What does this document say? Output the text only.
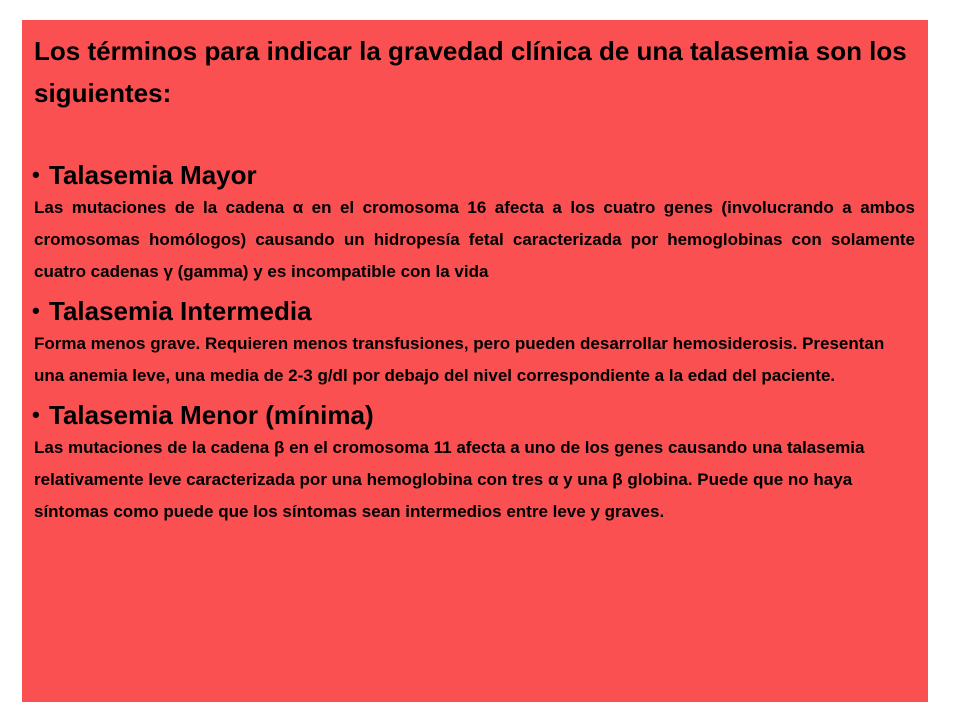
Los términos para indicar la gravedad clínica de una talasemia son los siguientes:

• Talasemia Mayor

Las mutaciones de la cadena α en el cromosoma 16 afecta a los cuatro genes (involucrando a ambos cromosomas homólogos) causando un hidropesía fetal caracterizada por hemoglobinas con solamente cuatro cadenas γ (gamma) y es incompatible con la vida

• Talasemia Intermedia

Forma menos grave. Requieren menos transfusiones, pero pueden desarrollar hemosiderosis. Presentan una anemia leve, una media de 2-3 g/dl por debajo del nivel correspondiente a la edad del paciente.

• Talasemia Menor (mínima)

Las mutaciones de la cadena β en el cromosoma 11 afecta a uno de los genes causando una talasemia relativamente leve caracterizada por una hemoglobina con tres α y una β globina. Puede que no haya síntomas como puede que los síntomas sean intermedios entre leve y graves.
